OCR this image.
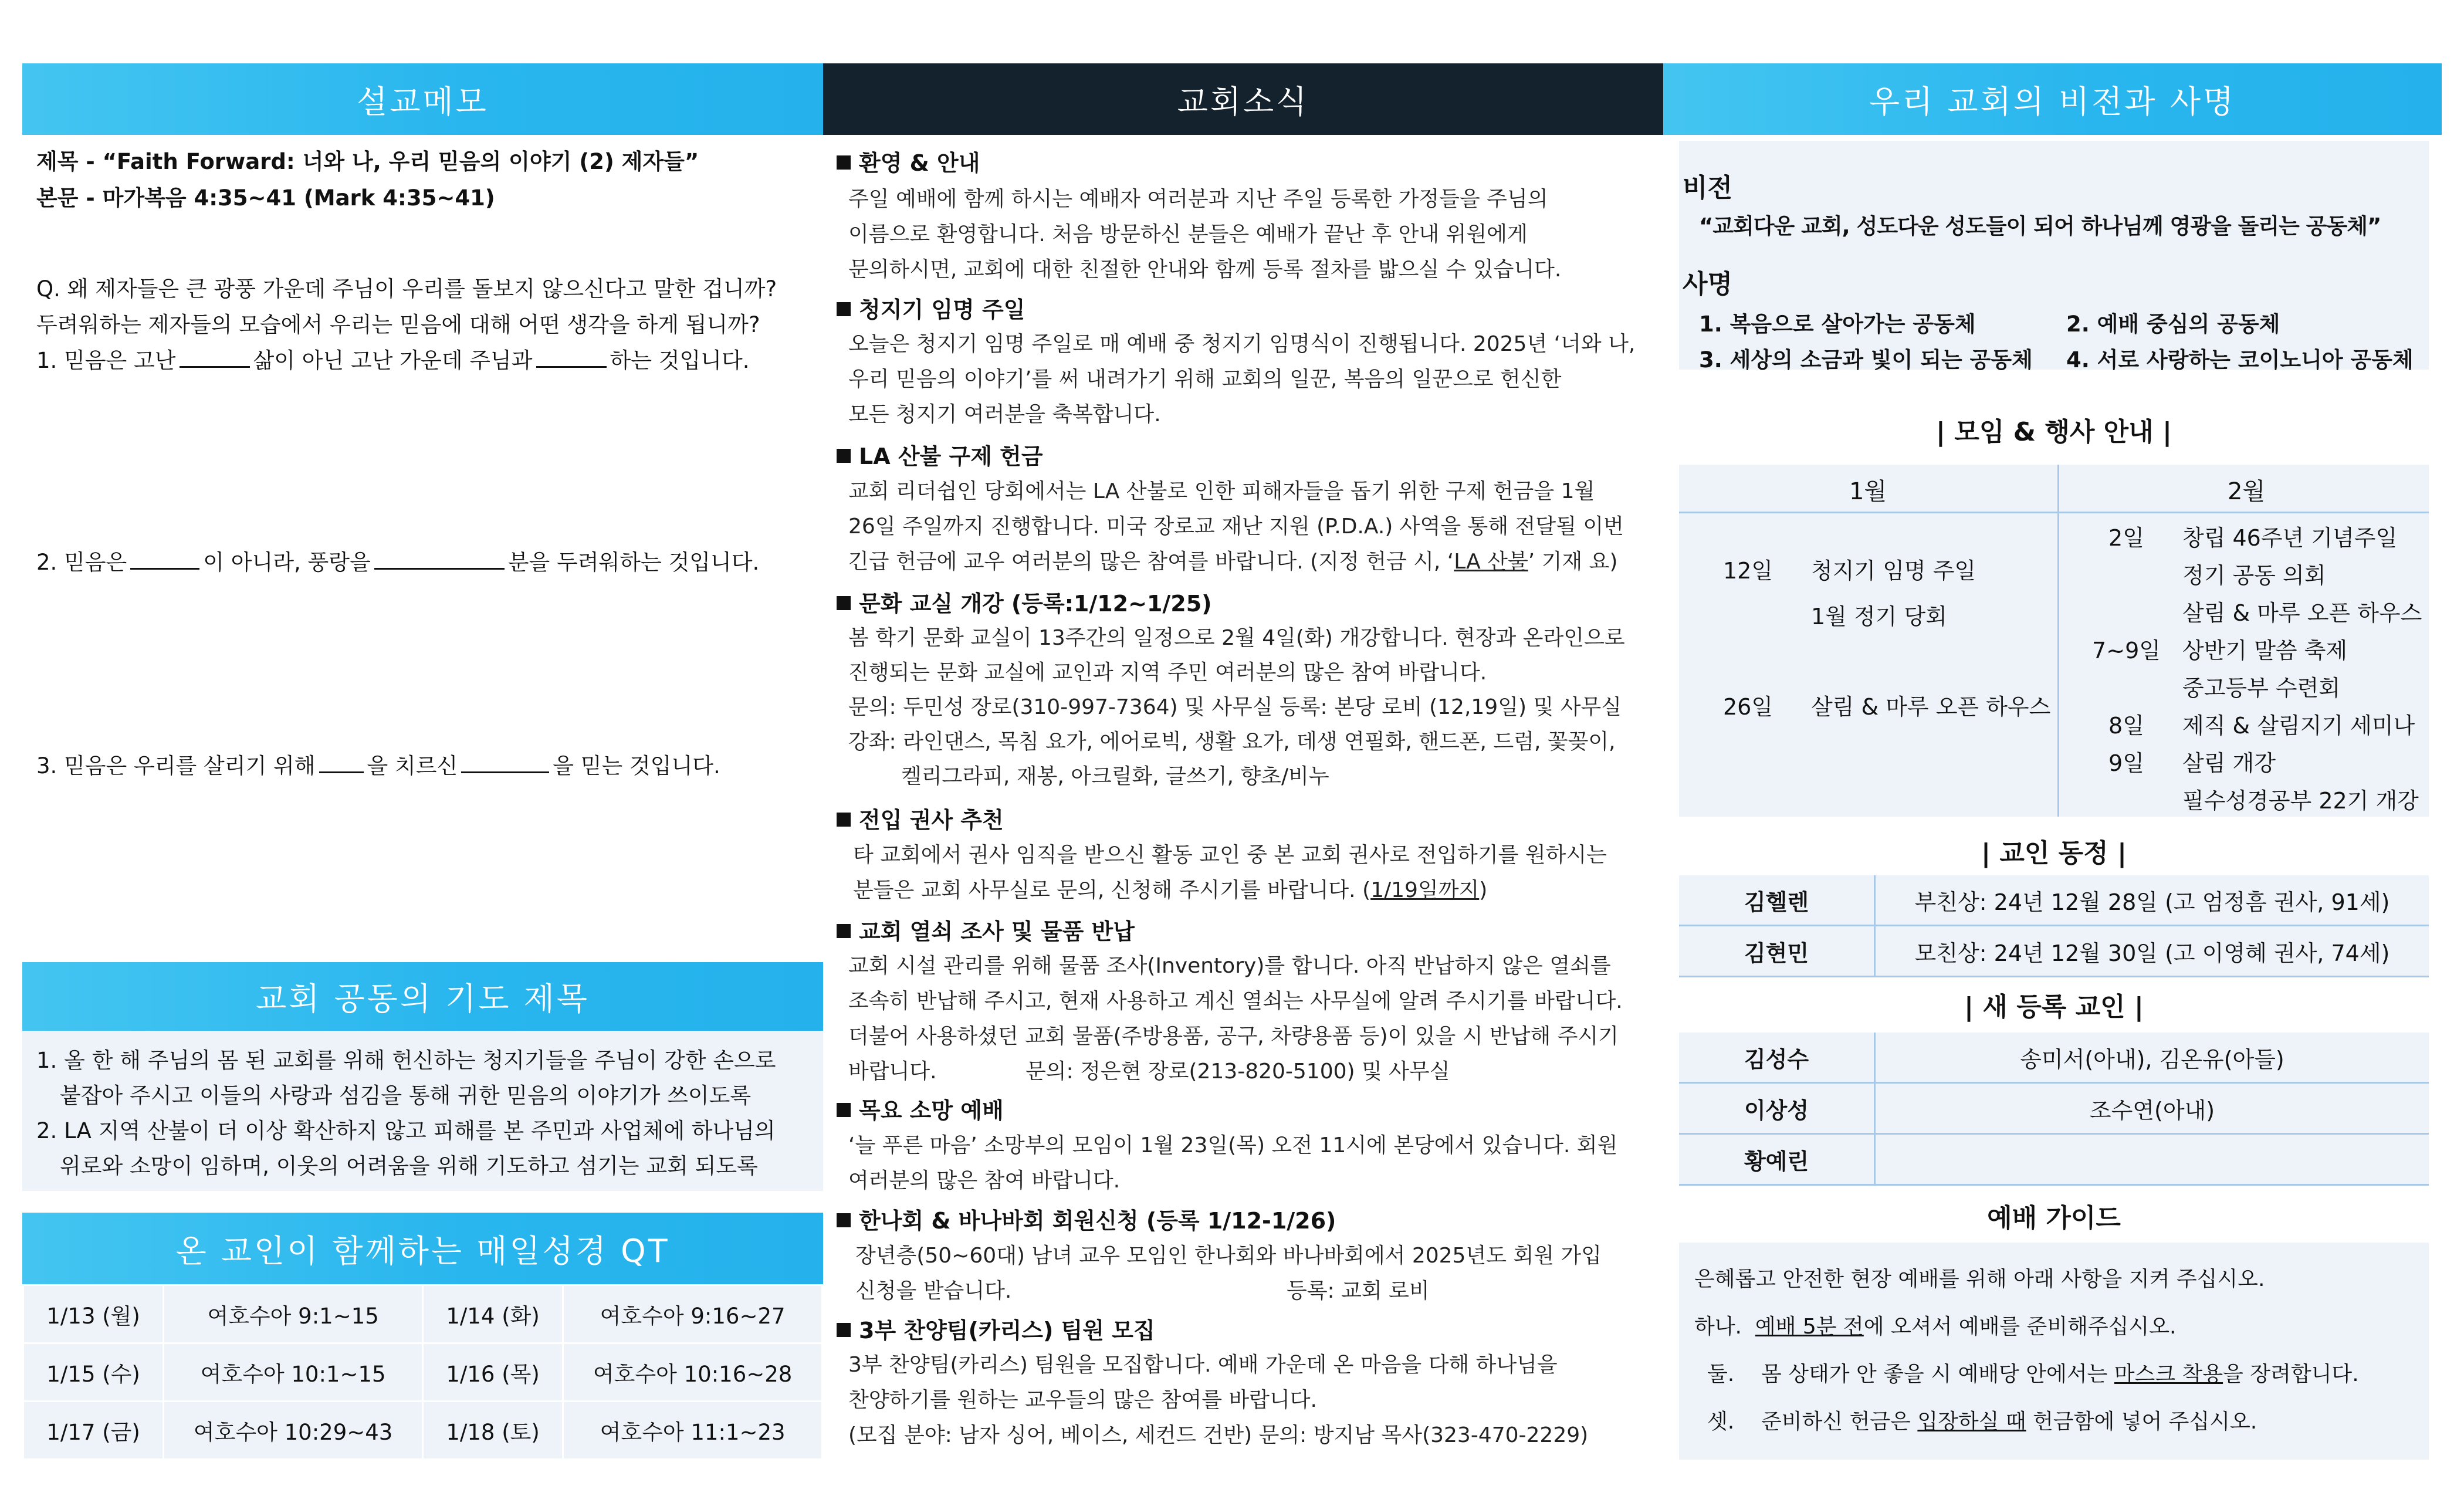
설교메모
제목 - “Faith Forward: 너와 나, 우리 믿음의 이야기 (2) 제자들”
본문 - 마가복음 4:35~41 (Mark 4:35~41)
Q. 왜 제자들은 큰 광풍 가운데 주님이 우리를 돌보지 않으신다고 말한 겁니까?
두려워하는 제자들의 모습에서 우리는 믿음에 대해 어떤 생각을 하게 됩니까?
1. 믿음은 고난	삶이 아닌 고난 가운데 주님과	하는 것입니다.
2. 믿음은	이 아니라, 풍랑을	분을 두려워하는 것입니다.
3. 믿음은 우리를 살리기 위해 을 치르신	을 믿는 것입니다.
교회 공동의 기도 제목
1. 올 한 해 주님의 몸 된 교회를 위해 헌신하는 청지기들을 주님이 강한 손으로
붙잡아 주시고 이들의 사랑과 섬김을 통해 귀한 믿음의 이야기가 쓰이도록
2. LA 지역 산불이 더 이상 확산하지 않고 피해를 본 주민과 사업체에 하나님의
위로와 소망이 임하며, 이웃의 어려움을 위해 기도하고 섬기는 교회 되도록
온 교인이 함께하는 매일성경 QT
1/13 (월)	여호수아 9:1~15	1/14 (화)	여호수아 9:16~27
1/15 (수)	여호수아 10:1~15	1/16 (목)	여호수아 10:16~28
1/17 (금)	여호수아 10:29~43	1/18 (토)	여호수아 11:1~23
교회소식
환영 & 안내
주일 예배에 함께 하시는 예배자 여러분과 지난 주일 등록한 가정들을 주님의
이름으로 환영합니다. 처음 방문하신 분들은 예배가 끝난 후 안내 위원에게
문의하시면, 교회에 대한 친절한 안내와 함께 등록 절차를 밟으실 수 있습니다.
청지기 임명 주일
오늘은 청지기 임명 주일로 매 예배 중 청지기 임명식이 진행됩니다. 2025년 ‘너와 나,
우리 믿음의 이야기’를 써 내려가기 위해 교회의 일꾼, 복음의 일꾼으로 헌신한
모든 청지기 여러분을 축복합니다.
LA 산불 구제 헌금
교회 리더쉽인 당회에서는 LA 산불로 인한 피해자들을 돕기 위한 구제 헌금을 1월
26일 주일까지 진행합니다. 미국 장로교 재난 지원 (P.D.A.) 사역을 통해 전달될 이번
긴급 헌금에 교우 여러분의 많은 참여를 바랍니다. (지정 헌금 시, ‘LA 산불’ 기재 요)
문화 교실 개강 (등록:1/12~1/25)
봄 학기 문화 교실이 13주간의 일정으로 2월 4일(화) 개강합니다. 현장과 온라인으로
진행되는 문화 교실에 교인과 지역 주민 여러분의 많은 참여 바랍니다.
문의: 두민성 장로(310-997-7364) 및 사무실 등록: 본당 로비 (12,19일) 및 사무실
강좌: 라인댄스, 목침 요가, 에어로빅, 생활 요가, 데생 연필화, 핸드폰, 드럼, 꽃꽂이,
켈리그라피, 재봉, 아크릴화, 글쓰기, 향초/비누
전입 권사 추천
타 교회에서 권사 임직을 받으신 활동 교인 중 본 교회 권사로 전입하기를 원하시는
분들은 교회 사무실로 문의, 신청해 주시기를 바랍니다. (1/19일까지)
교회 열쇠 조사 및 물품 반납
교회 시설 관리를 위해 물품 조사(Inventory)를 합니다. 아직 반납하지 않은 열쇠를
조속히 반납해 주시고, 현재 사용하고 계신 열쇠는 사무실에 알려 주시기를 바랍니다.
더불어 사용하셨던 교회 물품(주방용품, 공구, 차량용품 등)이 있을 시 반납해 주시기
바랍니다.	문의: 정은현 장로(213-820-5100) 및 사무실
목요 소망 예배
‘늘 푸른 마음’ 소망부의 모임이 1월 23일(목) 오전 11시에 본당에서 있습니다. 회원
여러분의 많은 참여 바랍니다.
한나회 & 바나바회 회원신청 (등록 1/12-1/26)
장년층(50~60대) 남녀 교우 모임인 한나회와 바나바회에서 2025년도 회원 가입
신청을 받습니다.	등록: 교회 로비
3부 찬양팀(카리스) 팀원 모집
3부 찬양팀(카리스) 팀원을 모집합니다. 예배 가운데 온 마음을 다해 하나님을
찬양하기를 원하는 교우들의 많은 참여를 바랍니다.
(모집 분야: 남자 싱어, 베이스, 세컨드 건반) 문의: 방지남 목사(323-470-2229)
우리 교회의 비전과 사명
비전
“교회다운 교회, 성도다운 성도들이 되어 하나님께 영광을 돌리는 공동체”
사명
1. 복음으로 살아가는 공동체	2. 예배 중심의 공동체
3. 세상의 소금과 빛이 되는 공동체 4. 서로 사랑하는 코이노니아 공동체
| 모임 & 행사 안내 |
1월	2월
12일 청지기 임명 주일
1월 정기 당회
26일 살림 & 마루 오픈 하우스
2일	창립 46주년 기념주일
정기 공동 의회
살림 & 마루 오픈 하우스
7~9일 상반기 말씀 축제
중고등부 수련회
8일	제직 & 살림지기 세미나
9일	살림 개강
필수성경공부 22기 개강
| 교인 동정 |
김헬렌	부친상: 24년 12월 28일 (고 엄정흠 권사, 91세)
김현민	모친상: 24년 12월 30일 (고 이영혜 권사, 74세)
| 새 등록 교인 |
김성수	송미서(아내), 김온유(아들)
이상성	조수연(아내)
황예린	
예배 가이드
은혜롭고 안전한 현장 예배를 위해 아래 사항을 지켜 주십시오.
하나. 예배 5분 전에 오셔서 예배를 준비해주십시오.
둘. 몸 상태가 안 좋을 시 예배당 안에서는 마스크 착용을 장려합니다.
셋. 준비하신 헌금은 입장하실 때 헌금함에 넣어 주십시오.
